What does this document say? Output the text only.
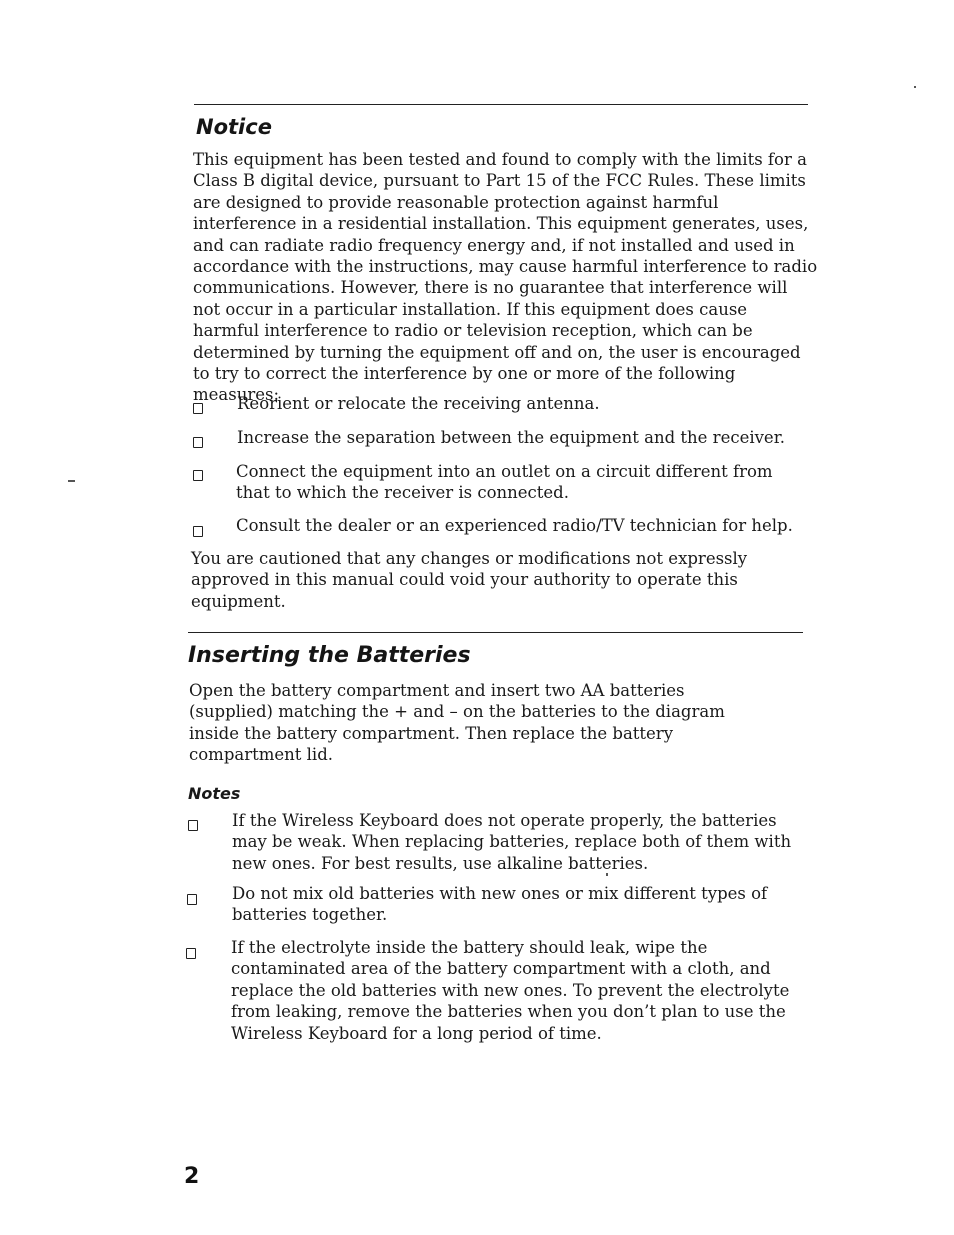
Notice

This equipment has been tested and found to comply with the limits for a Class B digital device, pursuant to Part 15 of the FCC Rules. These limits are designed to provide reasonable protection against harmful interference in a residential installation. This equipment generates, uses, and can radiate radio frequency energy and, if not installed and used in accordance with the instructions, may cause harmful interference to radio communications. However, there is no guarantee that interference will not occur in a particular installation. If this equipment does cause harmful interference to radio or television reception, which can be determined by turning the equipment off and on, the user is encouraged to try to correct the interference by one or more of the following measures:

Reorient or relocate the receiving antenna.

Increase the separation between the equipment and the receiver.

Connect the equipment into an outlet on a circuit different from that to which the receiver is connected.

Consult the dealer or an experienced radio/TV technician for help.

You are cautioned that any changes or modifications not expressly approved in this manual could void your authority to operate this equipment.

Inserting the Batteries

Open the battery compartment and insert two AA batteries (supplied) matching the + and – on the batteries to the diagram inside the battery compartment. Then replace the battery compartment lid.

Notes

If the Wireless Keyboard does not operate properly, the batteries may be weak. When replacing batteries, replace both of them with new ones. For best results, use alkaline batteries.

Do not mix old batteries with new ones or mix different types of batteries together.

If the electrolyte inside the battery should leak, wipe the contaminated area of the battery compartment with a cloth, and replace the old batteries with new ones. To prevent the electrolyte from leaking, remove the batteries when you don’t plan to use the Wireless Keyboard for a long period of time.

2
